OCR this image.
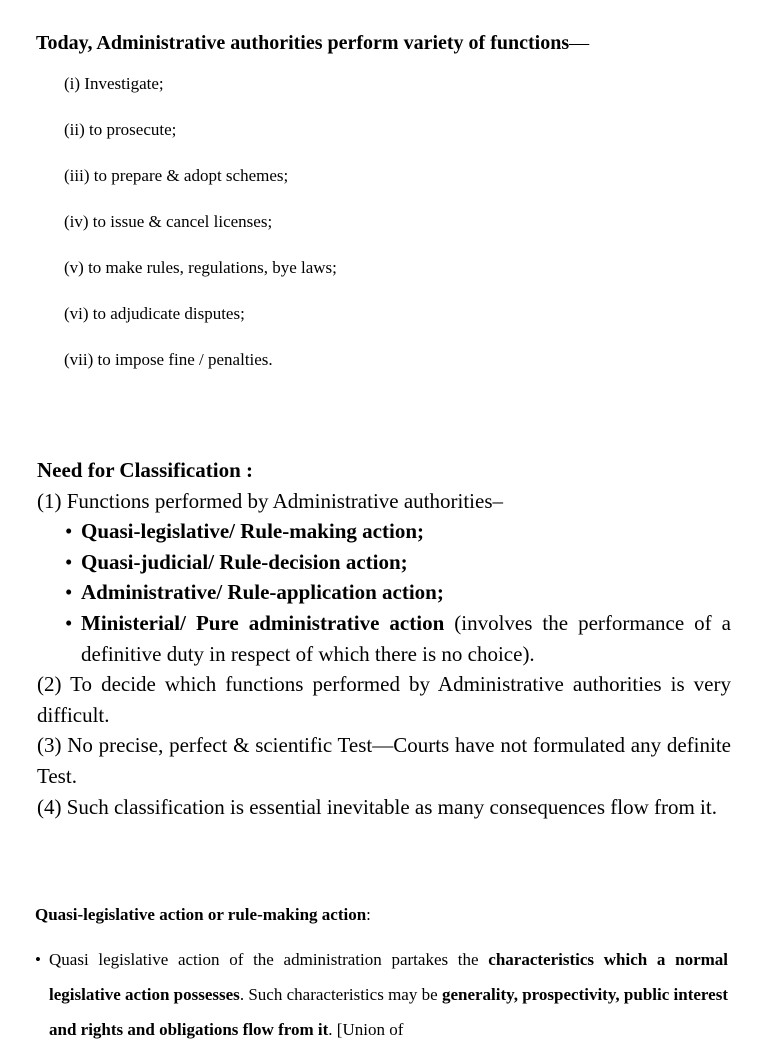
Today, Administrative authorities perform variety of functions—
(i) Investigate;
(ii) to prosecute;
(iii) to prepare & adopt schemes;
(iv) to issue & cancel licenses;
(v) to make rules, regulations, bye laws;
(vi) to adjudicate disputes;
(vii) to impose fine / penalties.
Need for Classification :
(1) Functions performed by Administrative authorities–
• Quasi-legislative/ Rule-making action;
• Quasi-judicial/ Rule-decision action;
• Administrative/ Rule-application action;
• Ministerial/ Pure administrative action (involves the performance of a definitive duty in respect of which there is no choice).
(2) To decide which functions performed by Administrative authorities is very difficult.
(3) No precise, perfect & scientific Test—Courts have not formulated any definite Test.
(4) Such classification is essential inevitable as many consequences flow from it.
Quasi-legislative action or rule-making action:
• Quasi legislative action of the administration partakes the characteristics which a normal legislative action possesses. Such characteristics may be generality, prospectivity, public interest and rights and obligations flow from it. [Union of
